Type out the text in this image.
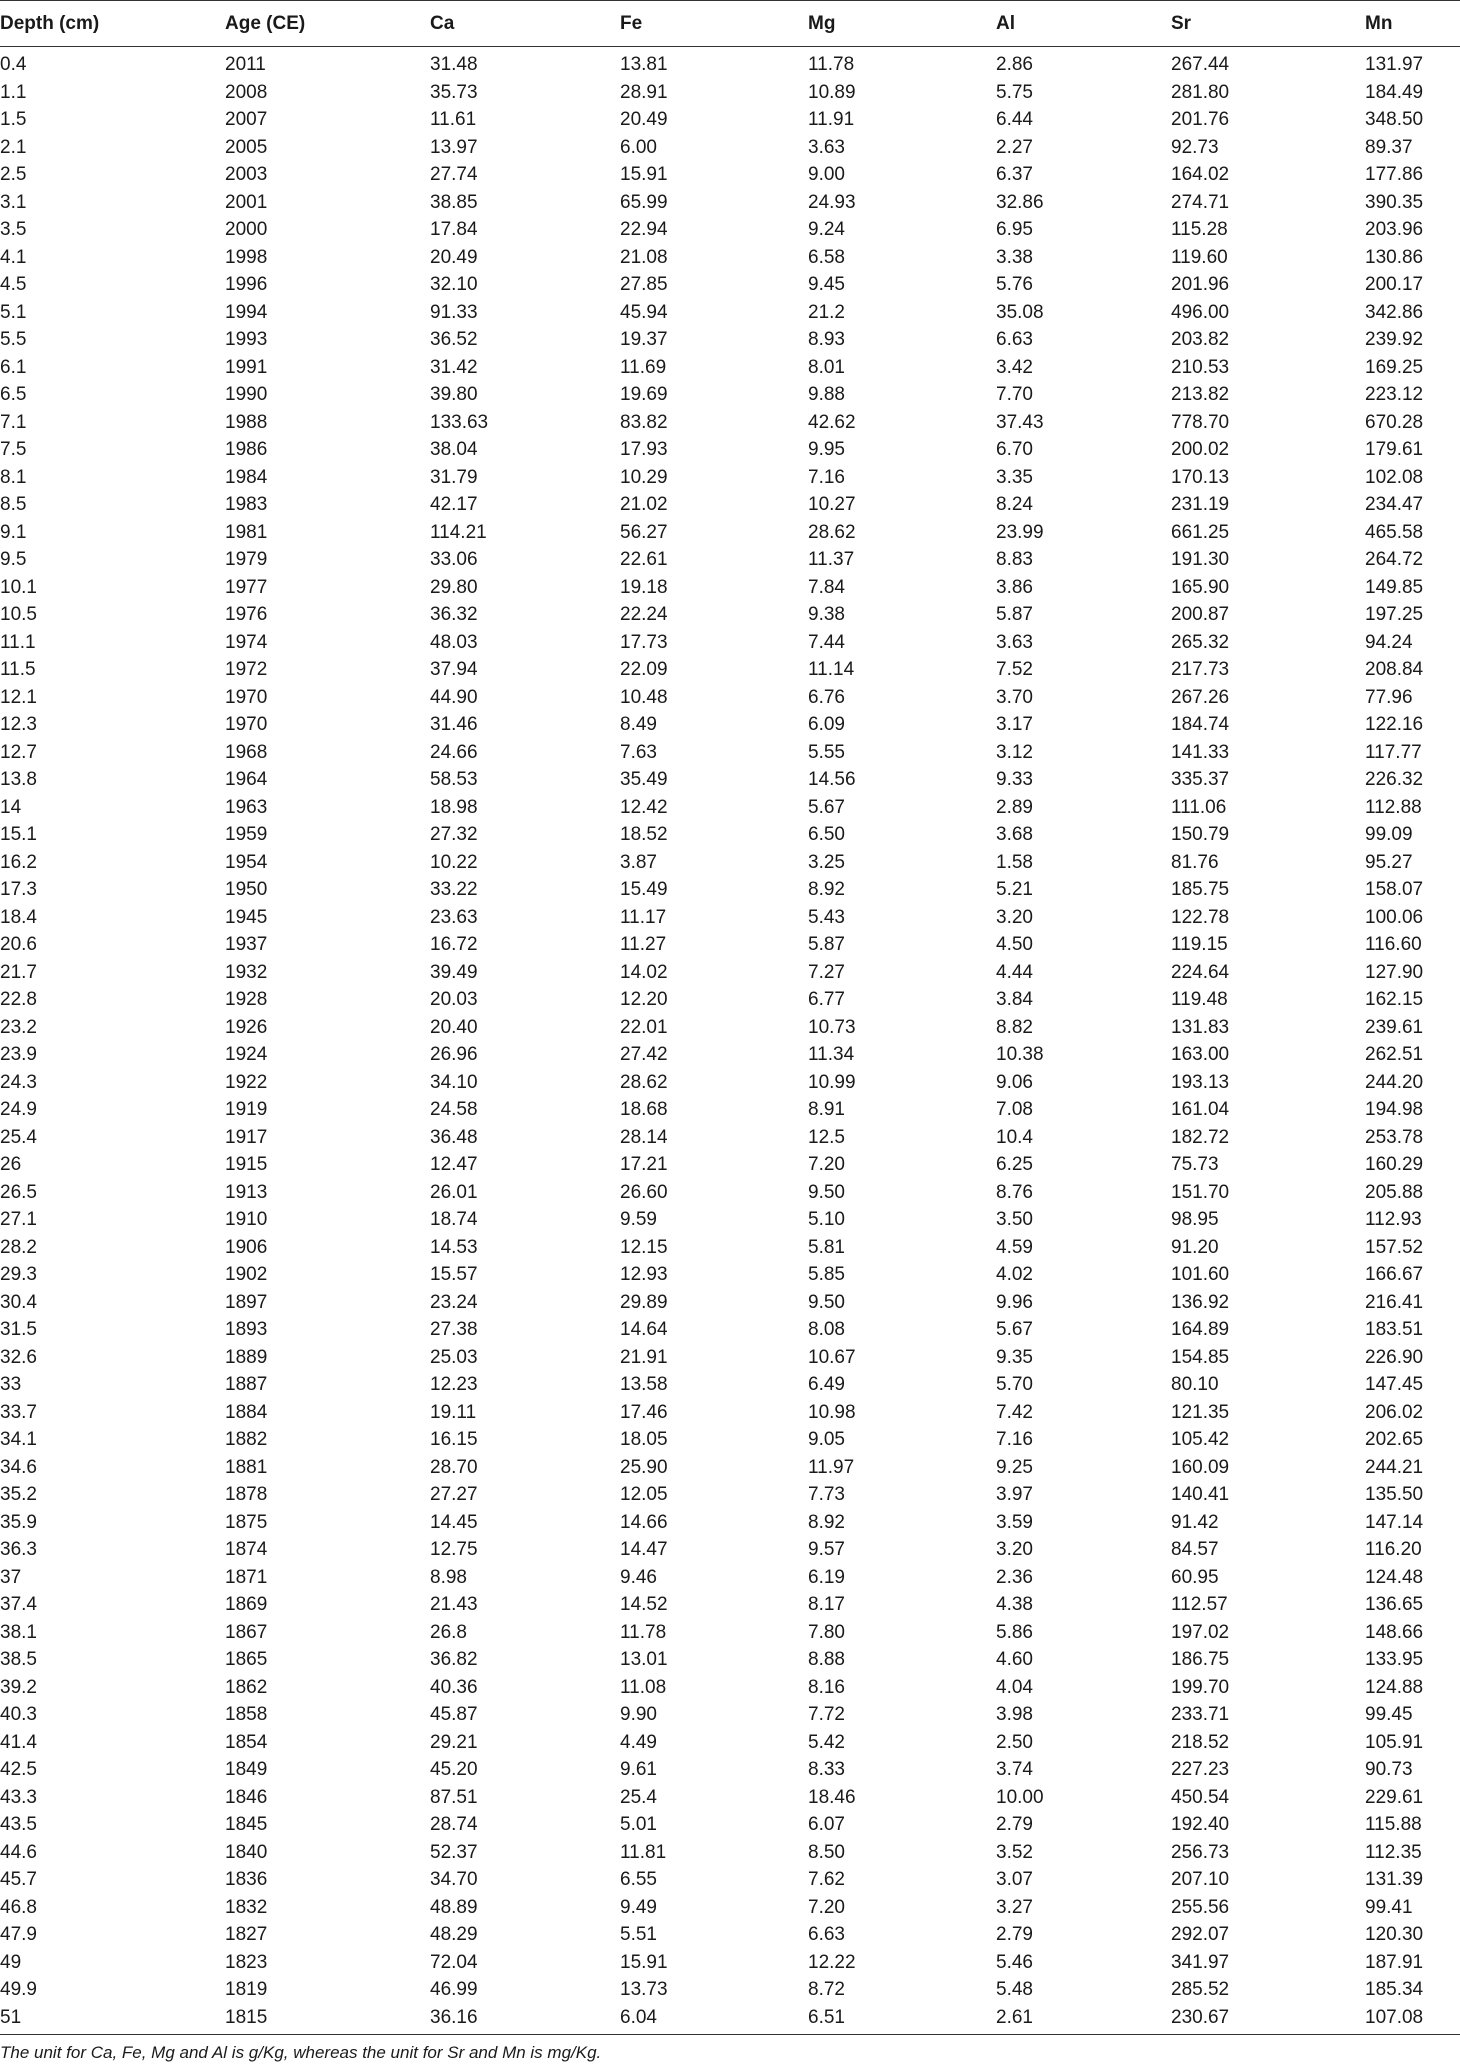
Depth (cm)	Age (CE)	Ca	Fe	Mg	Al	Sr	Mn
0.4	2011	31.48	13.81	11.78	2.86	267.44	131.97
1.1	2008	35.73	28.91	10.89	5.75	281.80	184.49
1.5	2007	11.61	20.49	11.91	6.44	201.76	348.50
2.1	2005	13.97	6.00	3.63	2.27	92.73	89.37
2.5	2003	27.74	15.91	9.00	6.37	164.02	177.86
3.1	2001	38.85	65.99	24.93	32.86	274.71	390.35
3.5	2000	17.84	22.94	9.24	6.95	115.28	203.96
4.1	1998	20.49	21.08	6.58	3.38	119.60	130.86
4.5	1996	32.10	27.85	9.45	5.76	201.96	200.17
5.1	1994	91.33	45.94	21.2	35.08	496.00	342.86
5.5	1993	36.52	19.37	8.93	6.63	203.82	239.92
6.1	1991	31.42	11.69	8.01	3.42	210.53	169.25
6.5	1990	39.80	19.69	9.88	7.70	213.82	223.12
7.1	1988	133.63	83.82	42.62	37.43	778.70	670.28
7.5	1986	38.04	17.93	9.95	6.70	200.02	179.61
8.1	1984	31.79	10.29	7.16	3.35	170.13	102.08
8.5	1983	42.17	21.02	10.27	8.24	231.19	234.47
9.1	1981	114.21	56.27	28.62	23.99	661.25	465.58
9.5	1979	33.06	22.61	11.37	8.83	191.30	264.72
10.1	1977	29.80	19.18	7.84	3.86	165.90	149.85
10.5	1976	36.32	22.24	9.38	5.87	200.87	197.25
11.1	1974	48.03	17.73	7.44	3.63	265.32	94.24
11.5	1972	37.94	22.09	11.14	7.52	217.73	208.84
12.1	1970	44.90	10.48	6.76	3.70	267.26	77.96
12.3	1970	31.46	8.49	6.09	3.17	184.74	122.16
12.7	1968	24.66	7.63	5.55	3.12	141.33	117.77
13.8	1964	58.53	35.49	14.56	9.33	335.37	226.32
14	1963	18.98	12.42	5.67	2.89	111.06	112.88
15.1	1959	27.32	18.52	6.50	3.68	150.79	99.09
16.2	1954	10.22	3.87	3.25	1.58	81.76	95.27
17.3	1950	33.22	15.49	8.92	5.21	185.75	158.07
18.4	1945	23.63	11.17	5.43	3.20	122.78	100.06
20.6	1937	16.72	11.27	5.87	4.50	119.15	116.60
21.7	1932	39.49	14.02	7.27	4.44	224.64	127.90
22.8	1928	20.03	12.20	6.77	3.84	119.48	162.15
23.2	1926	20.40	22.01	10.73	8.82	131.83	239.61
23.9	1924	26.96	27.42	11.34	10.38	163.00	262.51
24.3	1922	34.10	28.62	10.99	9.06	193.13	244.20
24.9	1919	24.58	18.68	8.91	7.08	161.04	194.98
25.4	1917	36.48	28.14	12.5	10.4	182.72	253.78
26	1915	12.47	17.21	7.20	6.25	75.73	160.29
26.5	1913	26.01	26.60	9.50	8.76	151.70	205.88
27.1	1910	18.74	9.59	5.10	3.50	98.95	112.93
28.2	1906	14.53	12.15	5.81	4.59	91.20	157.52
29.3	1902	15.57	12.93	5.85	4.02	101.60	166.67
30.4	1897	23.24	29.89	9.50	9.96	136.92	216.41
31.5	1893	27.38	14.64	8.08	5.67	164.89	183.51
32.6	1889	25.03	21.91	10.67	9.35	154.85	226.90
33	1887	12.23	13.58	6.49	5.70	80.10	147.45
33.7	1884	19.11	17.46	10.98	7.42	121.35	206.02
34.1	1882	16.15	18.05	9.05	7.16	105.42	202.65
34.6	1881	28.70	25.90	11.97	9.25	160.09	244.21
35.2	1878	27.27	12.05	7.73	3.97	140.41	135.50
35.9	1875	14.45	14.66	8.92	3.59	91.42	147.14
36.3	1874	12.75	14.47	9.57	3.20	84.57	116.20
37	1871	8.98	9.46	6.19	2.36	60.95	124.48
37.4	1869	21.43	14.52	8.17	4.38	112.57	136.65
38.1	1867	26.8	11.78	7.80	5.86	197.02	148.66
38.5	1865	36.82	13.01	8.88	4.60	186.75	133.95
39.2	1862	40.36	11.08	8.16	4.04	199.70	124.88
40.3	1858	45.87	9.90	7.72	3.98	233.71	99.45
41.4	1854	29.21	4.49	5.42	2.50	218.52	105.91
42.5	1849	45.20	9.61	8.33	3.74	227.23	90.73
43.3	1846	87.51	25.4	18.46	10.00	450.54	229.61
43.5	1845	28.74	5.01	6.07	2.79	192.40	115.88
44.6	1840	52.37	11.81	8.50	3.52	256.73	112.35
45.7	1836	34.70	6.55	7.62	3.07	207.10	131.39
46.8	1832	48.89	9.49	7.20	3.27	255.56	99.41
47.9	1827	48.29	5.51	6.63	2.79	292.07	120.30
49	1823	72.04	15.91	12.22	5.46	341.97	187.91
49.9	1819	46.99	13.73	8.72	5.48	285.52	185.34
51	1815	36.16	6.04	6.51	2.61	230.67	107.08
The unit for Ca, Fe, Mg and Al is g/Kg, whereas the unit for Sr and Mn is mg/Kg.
